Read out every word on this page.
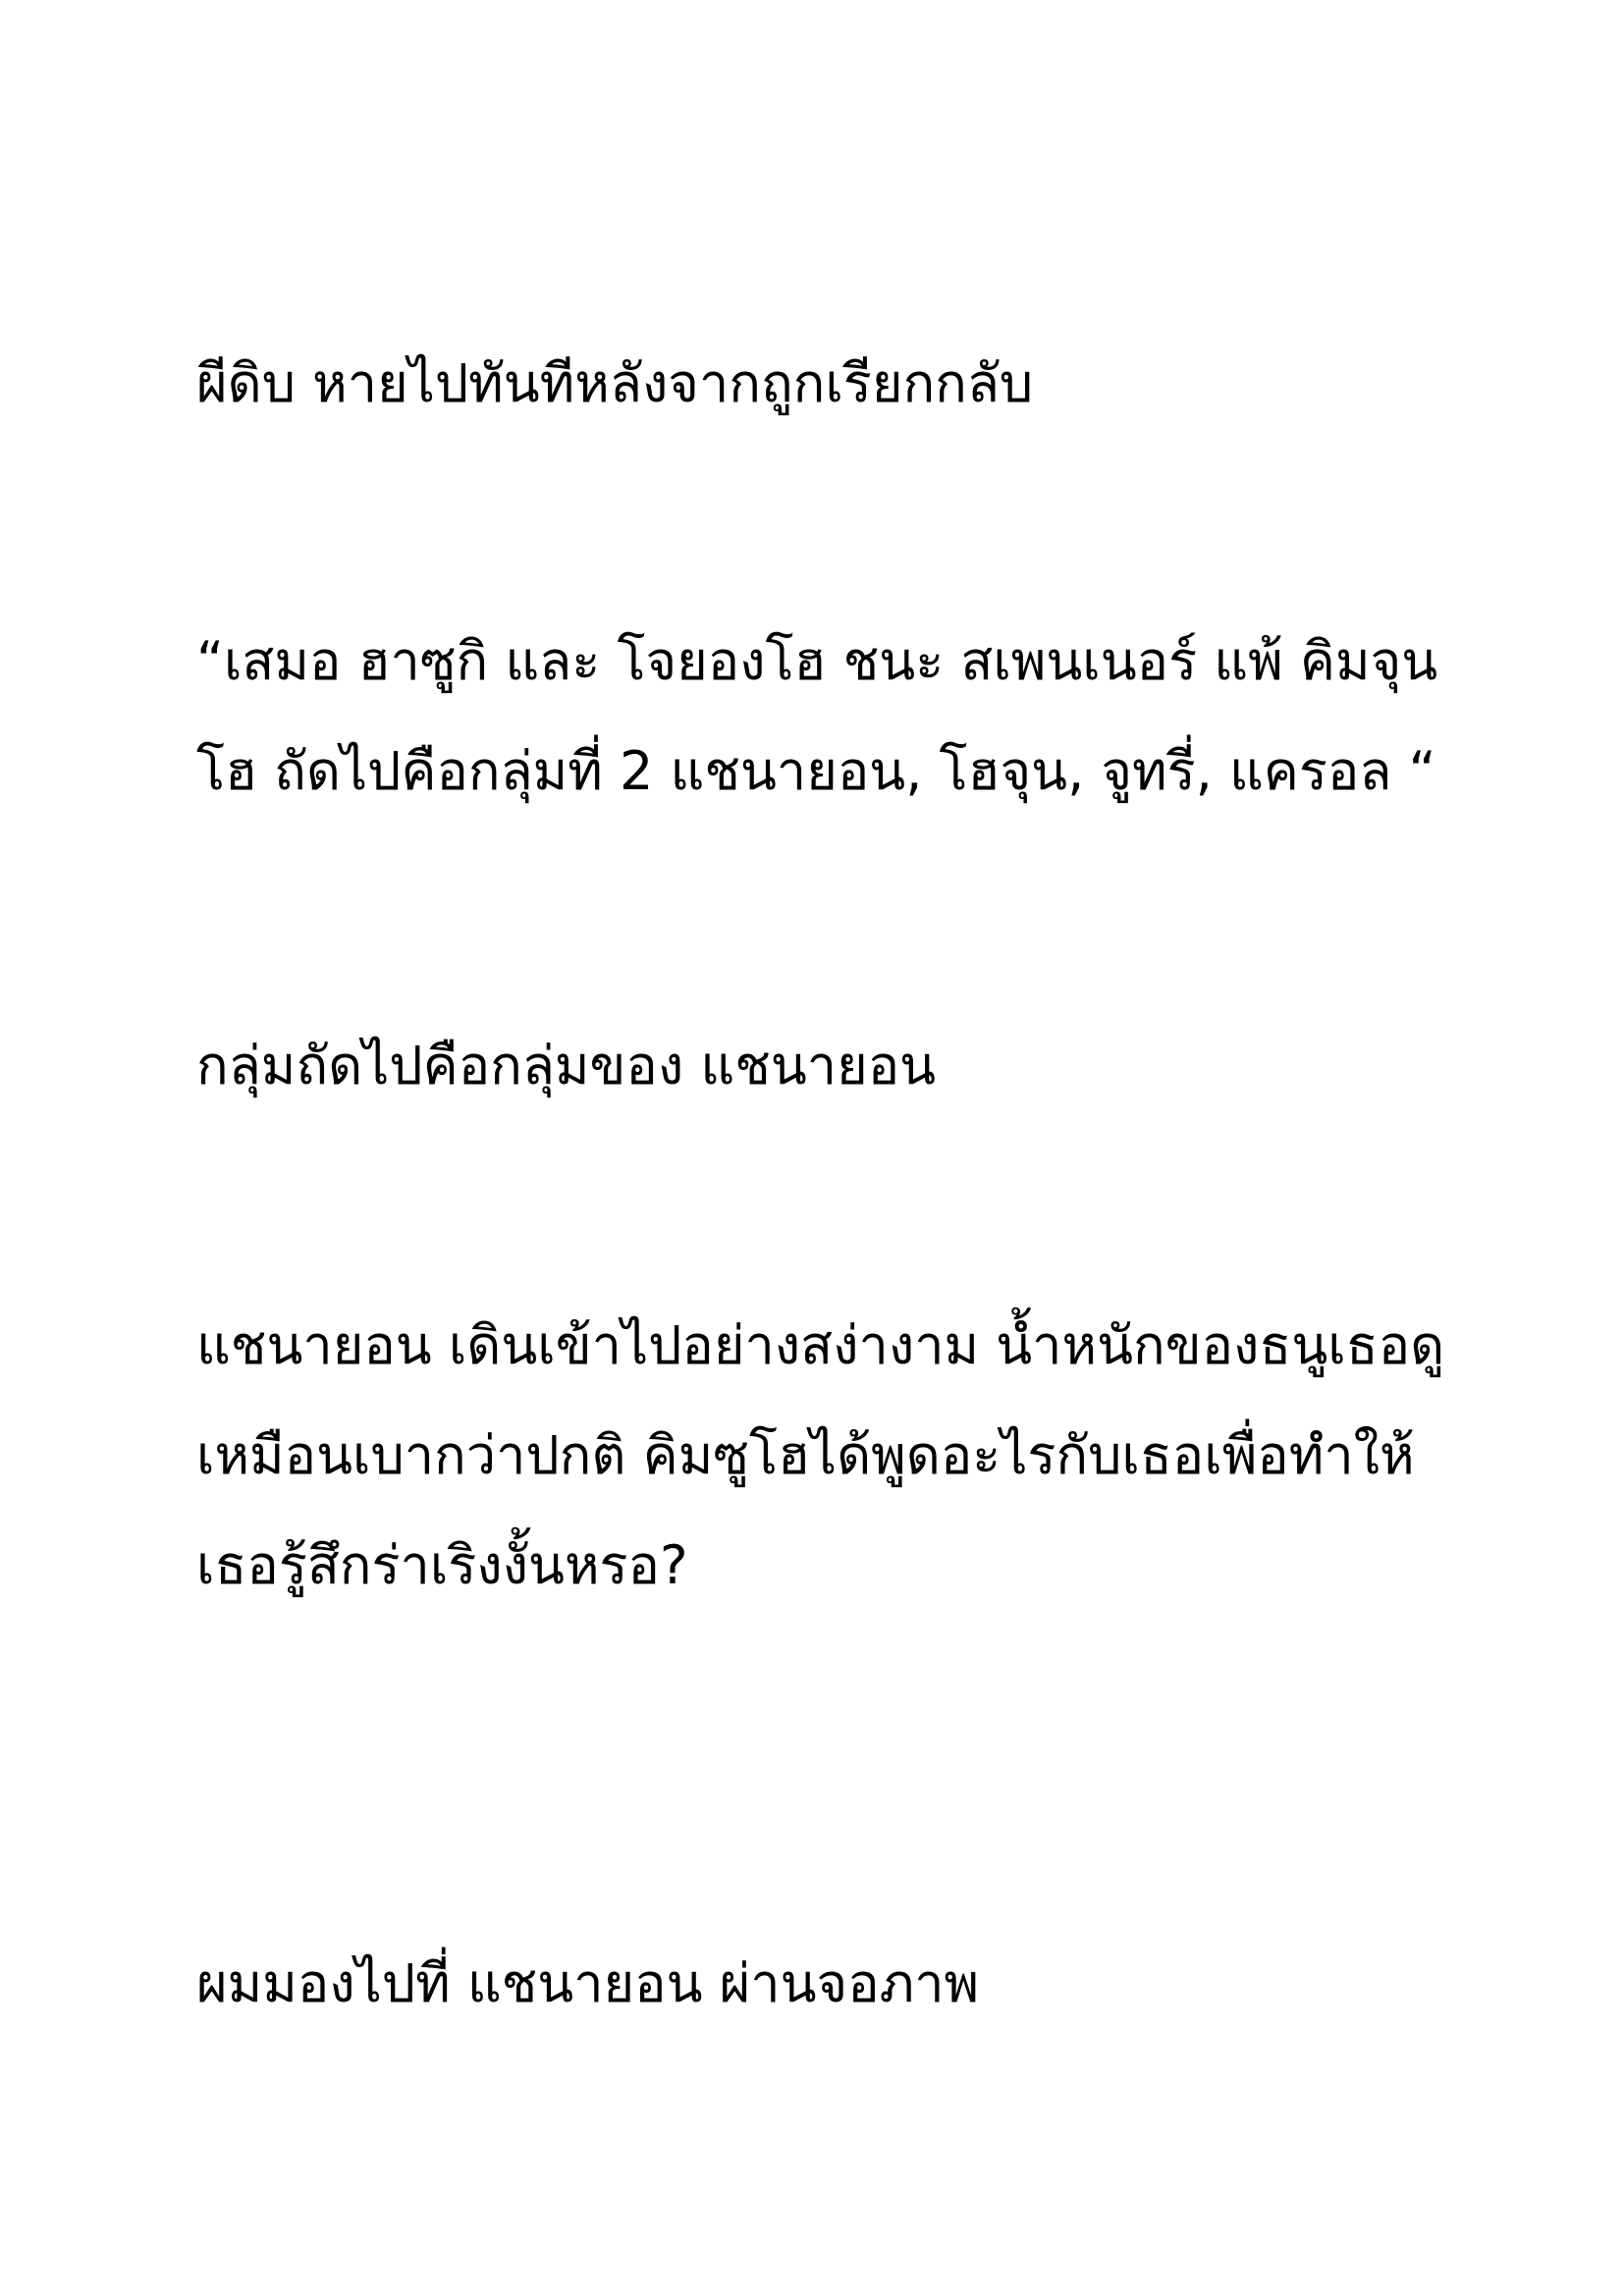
ผีดิบ หายไปทันทีหลังจากถูกเรียกกลับ
“เสมอ ฮาซูกิ และ โจยองโฮ ชนะ สเพนเนอร์ แพ้ คิมจุน
โฮ ถัดไปคือกลุ่มที่ 2 แชนายอน, โฮจุน, จูทรี่, แครอล “
กลุ่มถัดไปคือกลุ่มของ แชนายอน
แชนายอน เดินเข้าไปอย่างสง่างาม น้ำหนักของธนูเธอดู
เหมือนเบากว่าปกติ คิมซูโฮได้พูดอะไรกับเธอเพื่อทำให้
เธอรู้สึกร่าเริงงั้นหรอ?
ผมมองไปที่ แชนายอน ผ่านจอภาพ
